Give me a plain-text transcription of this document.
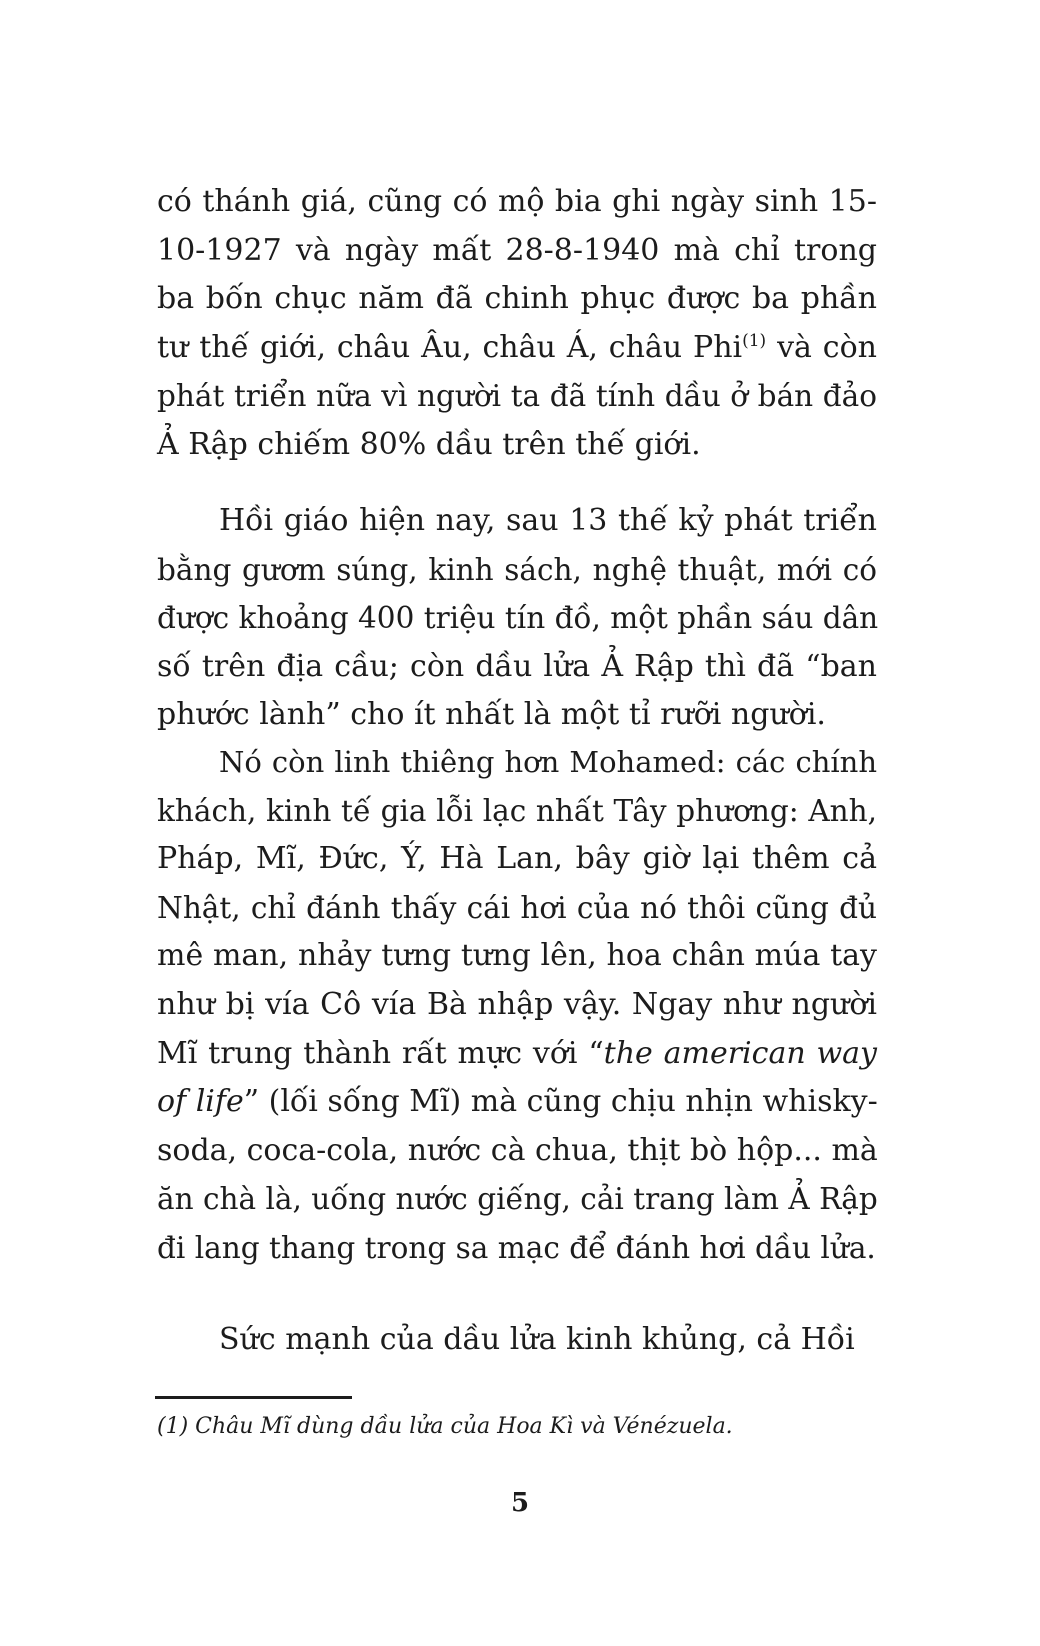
có thánh giá, cũng có mộ bia ghi ngày sinh 15-
10-1927 và ngày mất 28-8-1940 mà chỉ trong
ba bốn chục năm đã chinh phục được ba phần
tư thế giới, châu Âu, châu Á, châu Phi$^{(1)}$ và còn
phát triển nữa vì người ta đã tính dầu ở bán đảo
Ả Rập chiếm 80% dầu trên thế giới.
Hồi giáo hiện nay, sau 13 thế kỷ phát triển
bằng gươm súng, kinh sách, nghệ thuật, mới có
được khoảng 400 triệu tín đồ, một phần sáu dân
số trên địa cầu; còn dầu lửa Ả Rập thì đã “ban
phước lành” cho ít nhất là một tỉ rưỡi người.
Nó còn linh thiêng hơn Mohamed: các chính
khách, kinh tế gia lỗi lạc nhất Tây phương: Anh,
Pháp, Mĩ, Đức, Ý, Hà Lan, bây giờ lại thêm cả
Nhật, chỉ đánh thấy cái hơi của nó thôi cũng đủ
mê man, nhảy tưng tưng lên, hoa chân múa tay
như bị vía Cô vía Bà nhập vậy. Ngay như người
Mĩ trung thành rất mực với “the american way
of life” (lối sống Mĩ) mà cũng chịu nhịn whisky-
soda, coca-cola, nước cà chua, thịt bò hộp... mà
ăn chà là, uống nước giếng, cải trang làm Ả Rập
đi lang thang trong sa mạc để đánh hơi dầu lửa.
Sức mạnh của dầu lửa kinh khủng, cả Hồi

(1) Châu Mĩ dùng dầu lửa của Hoa Kì và Vénézuela.

5
